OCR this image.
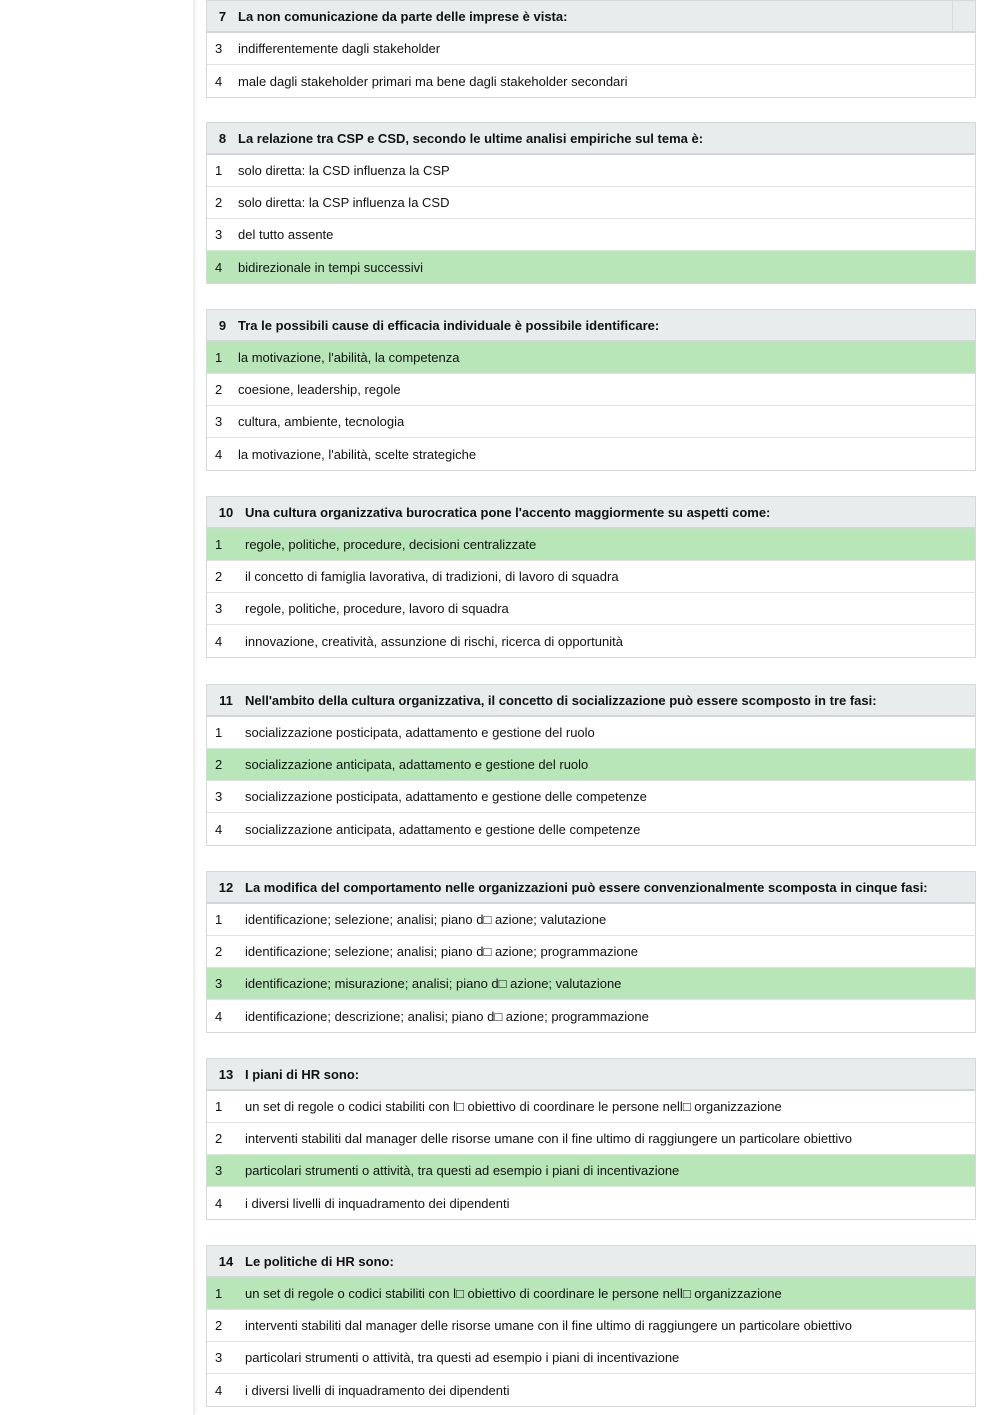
7 La non comunicazione da parte delle imprese è vista:
3	indifferentemente dagli stakeholder
4	male dagli stakeholder primari ma bene dagli stakeholder secondari
8 La relazione tra CSP e CSD, secondo le ultime analisi empiriche sul tema è:
1	solo diretta: la CSD influenza la CSP
2	solo diretta: la CSP influenza la CSD
3	del tutto assente
4	bidirezionale in tempi successivi
9 Tra le possibili cause di efficacia individuale è possibile identificare:
1	la motivazione, l'abilità, la competenza
2	coesione, leadership, regole
3	cultura, ambiente, tecnologia
4	la motivazione, l'abilità, scelte strategiche
10 Una cultura organizzativa burocratica pone l'accento maggiormente su aspetti come:
1	regole, politiche, procedure, decisioni centralizzate
2	il concetto di famiglia lavorativa, di tradizioni, di lavoro di squadra
3	regole, politiche, procedure, lavoro di squadra
4	innovazione, creatività, assunzione di rischi, ricerca di opportunità
11 Nell'ambito della cultura organizzativa, il concetto di socializzazione può essere scomposto in tre fasi:
1	socializzazione posticipata, adattamento e gestione del ruolo
2	socializzazione anticipata, adattamento e gestione del ruolo
3	socializzazione posticipata, adattamento e gestione delle competenze
4	socializzazione anticipata, adattamento e gestione delle competenze
12 La modifica del comportamento nelle organizzazioni può essere convenzionalmente scomposta in cinque fasi:
1	identificazione; selezione; analisi; piano d□ azione; valutazione
2	identificazione; selezione; analisi; piano d□ azione; programmazione
3	identificazione; misurazione; analisi; piano d□ azione; valutazione
4	identificazione; descrizione; analisi; piano d□ azione; programmazione
13 I piani di HR sono:
1	un set di regole o codici stabiliti con l□ obiettivo di coordinare le persone nell□ organizzazione
2	interventi stabiliti dal manager delle risorse umane con il fine ultimo di raggiungere un particolare obiettivo
3	particolari strumenti o attività, tra questi ad esempio i piani di incentivazione
4	i diversi livelli di inquadramento dei dipendenti
14 Le politiche di HR sono:
1	un set di regole o codici stabiliti con l□ obiettivo di coordinare le persone nell□ organizzazione
2	interventi stabiliti dal manager delle risorse umane con il fine ultimo di raggiungere un particolare obiettivo
3	particolari strumenti o attività, tra questi ad esempio i piani di incentivazione
4	i diversi livelli di inquadramento dei dipendenti
